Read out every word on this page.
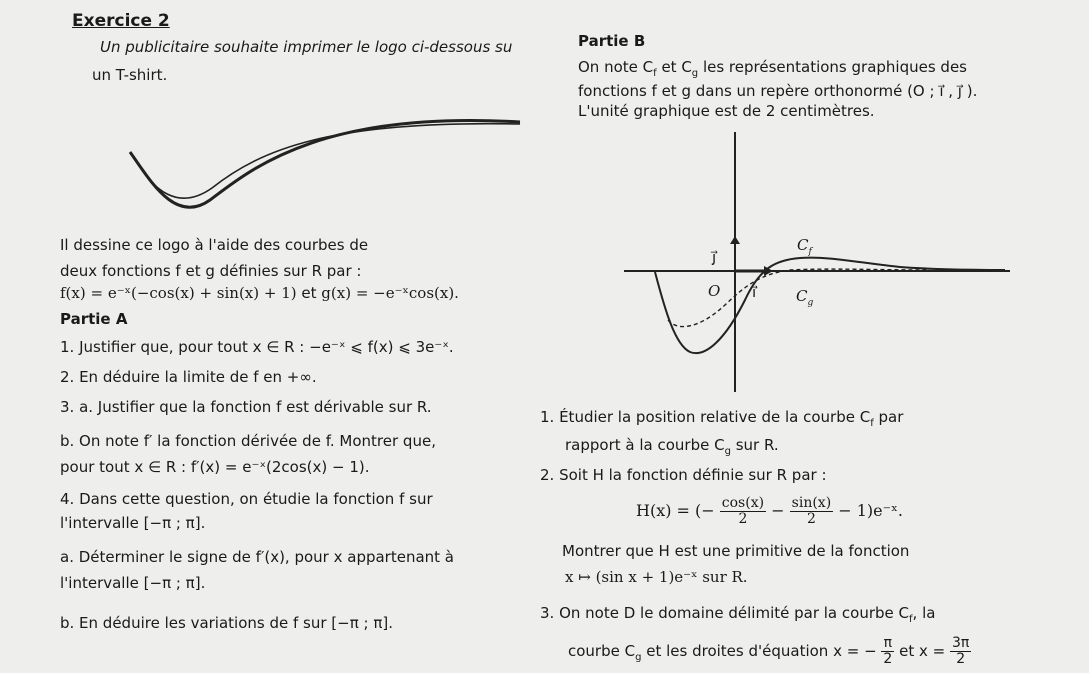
Exercice 2
Un publicitaire souhaite imprimer le logo ci-dessous su
un T-shirt.
Il dessine ce logo à l'aide des courbes de
deux fonctions f et g définies sur R par :
f(x) = e⁻ˣ(−cos(x) + sin(x) + 1) et g(x) = −e⁻ˣcos(x).
Partie A
1. Justifier que, pour tout x ∈ R : −e⁻ˣ ⩽ f(x) ⩽ 3e⁻ˣ.
2. En déduire la limite de f en +∞.
3. a. Justifier que la fonction f est dérivable sur R.
b. On note f′ la fonction dérivée de f. Montrer que,
pour tout x ∈ R : f′(x) = e⁻ˣ(2cos(x) − 1).
4. Dans cette question, on étudie la fonction f sur
l'intervalle [−π ; π].
a. Déterminer le signe de f′(x), pour x appartenant à
l'intervalle [−π ; π].
b. En déduire les variations de f sur [−π ; π].
Partie B
On note $C_f$ et $C_g$ les représentations graphiques des
fonctions f et g dans un repère orthonormé (O ; i⃗ , j⃗ ).
L'unité graphique est de 2 centimètres.
$C_f$
$C_g$
j⃗
i⃗
O
1. Étudier la position relative de la courbe $C_f$ par
rapport à la courbe $C_g$ sur R.
2. Soit H la fonction définie sur R par :
H(x) = (− $\frac{\cos(x)}{2} - \frac{\sin(x)}{2}$ − 1)e⁻ˣ.
Montrer que H est une primitive de la fonction
x ↦ (sin x + 1)e⁻ˣ sur R.
3. On note D le domaine délimité par la courbe $C_f$, la
courbe $C_g$ et les droites d'équation x = − $\frac{\pi}{2}$ et $x = \frac{3\pi}{2}$
